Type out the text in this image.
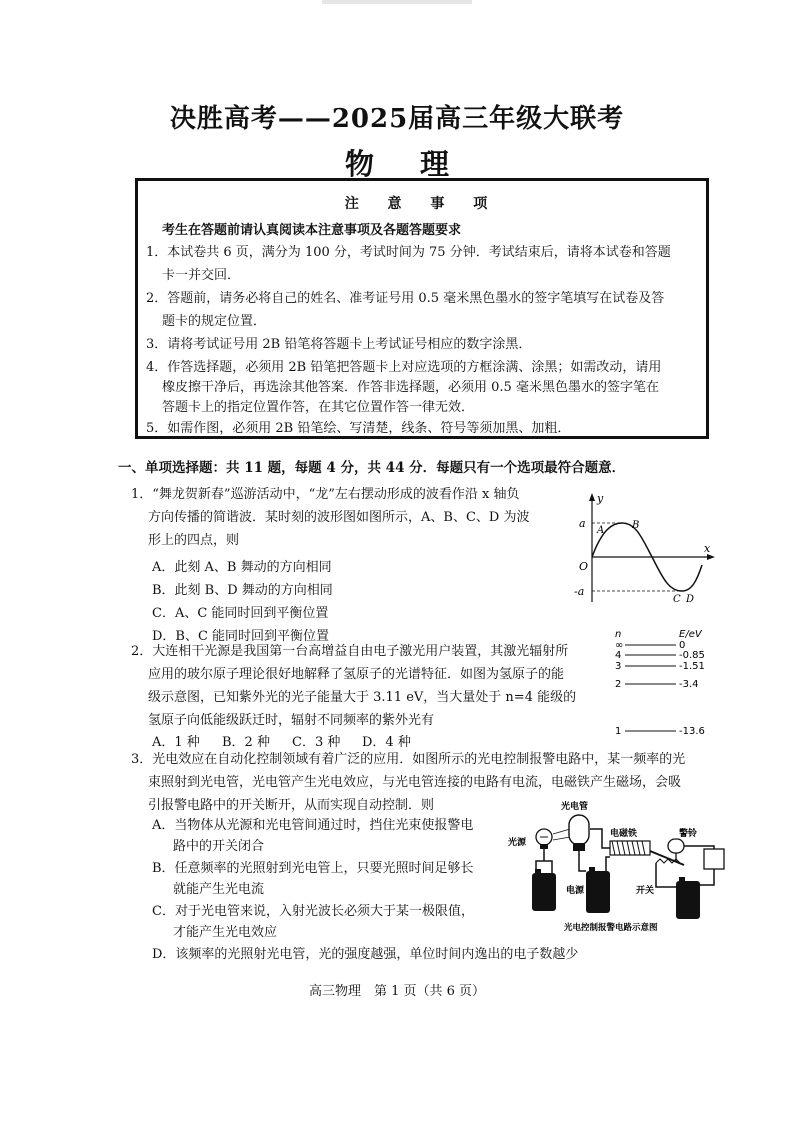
决胜高考——2025届高三年级大联考
物 理
注 意 事 项
考生在答题前请认真阅读本注意事项及各题答题要求
1．本试卷共 6 页，满分为 100 分，考试时间为 75 分钟．考试结束后，请将本试卷和答题
卡一并交回．
2．答题前，请务必将自己的姓名、准考证号用 0.5 毫米黑色墨水的签字笔填写在试卷及答
题卡的规定位置．
3．请将考试证号用 2B 铅笔将答题卡上考试证号相应的数字涂黑．
4．作答选择题，必须用 2B 铅笔把答题卡上对应选项的方框涂满、涂黑；如需改动，请用
橡皮擦干净后，再选涂其他答案．作答非选择题，必须用 0.5 毫米黑色墨水的签字笔在
答题卡上的指定位置作答，在其它位置作答一律无效．
5．如需作图，必须用 2B 铅笔绘、写清楚，线条、符号等须加黑、加粗．
一、单项选择题：共 11 题，每题 4 分，共 44 分．每题只有一个选项最符合题意．
1．“舞龙贺新春”巡游活动中，“龙”左右摆动形成的波看作沿 x 轴负
方向传播的简谐波．某时刻的波形图如图所示，A、B、C、D 为波
形上的四点，则
A．此刻 A、B 舞动的方向相同
B．此刻 B、D 舞动的方向相同
C．A、C 能同时回到平衡位置
D．B、C 能同时回到平衡位置
y
x
O
a
-a
A	B
C D
2．大连相干光源是我国第一台高增益自由电子激光用户装置，其激光辐射所
应用的玻尔原子理论很好地解释了氢原子的光谱特征．如图为氢原子的能
级示意图，已知紫外光的光子能量大于 3.11 eV，当大量处于 n=4 能级的
氢原子向低能级跃迁时，辐射不同频率的紫外光有
A．1 种 B．2 种 C．3 种 D．4 种
n	E/eV
∞	0
4	-0.85
3	-1.51
2	-3.4
1	-13.6
3．光电效应在自动化控制领域有着广泛的应用．如图所示的光电控制报警电路中，某一频率的光
束照射到光电管，光电管产生光电效应，与光电管连接的电路有电流，电磁铁产生磁场，会吸
引报警电路中的开关断开，从而实现自动控制．则
A．当物体从光源和光电管间通过时，挡住光束使报警电
路中的开关闭合
B．任意频率的光照射到光电管上，只要光照时间足够长
就能产生光电流
C．对于光电管来说，入射光波长必须大于某一极限值，
才能产生光电效应
D．该频率的光照射光电管，光的强度越强，单位时间内逸出的电子数越少
光电管
光源
电磁铁	警铃
电源	开关
光电控制报警电路示意图
高三物理　第 1 页（共 6 页）
